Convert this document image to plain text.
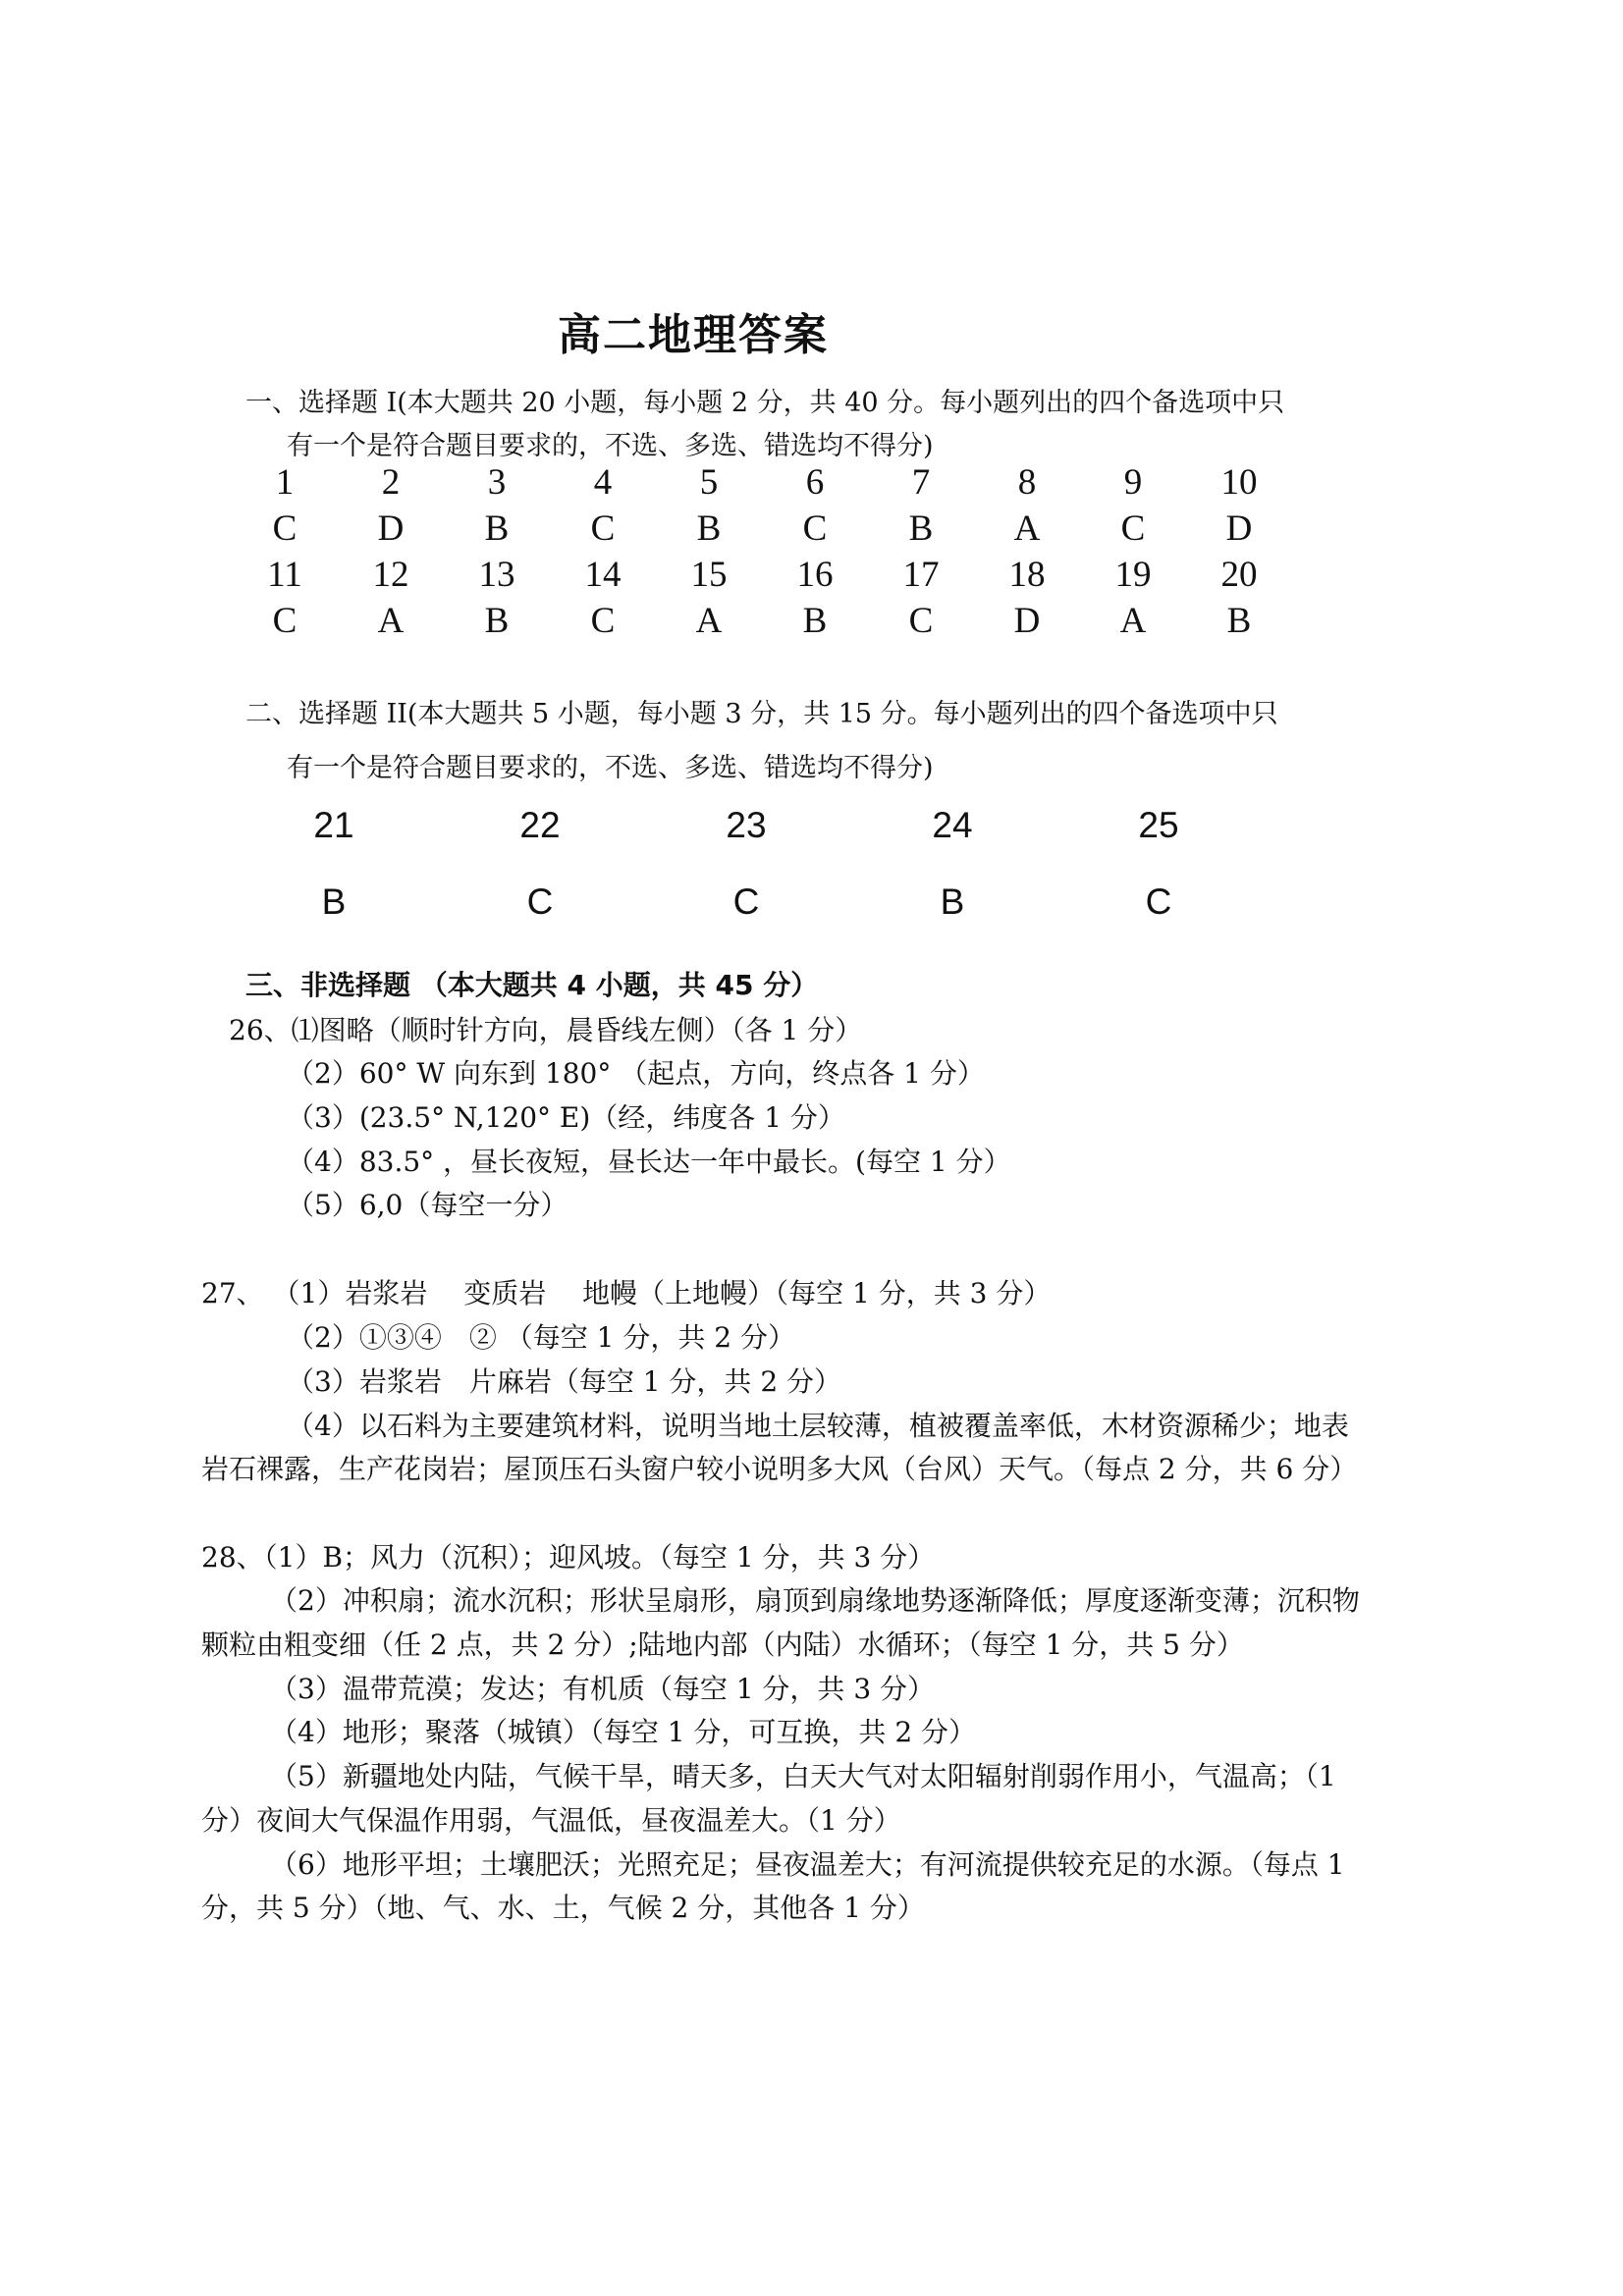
高二地理答案
一、选择题 I(本大题共 20 小题，每小题 2 分，共 40 分。每小题列出的四个备选项中只
有一个是符合题目要求的，不选、多选、错选均不得分)
1	2	3	4	5	6	7	8	9	10
C	D	B	C	B	C	B	A	C	D
11	12	13	14	15	16	17	18	19	20
C	A	B	C	A	B	C	D	A	B
二、选择题 II(本大题共 5 小题，每小题 3 分，共 15 分。每小题列出的四个备选项中只
有一个是符合题目要求的，不选、多选、错选均不得分)
21	22	23	24	25
B	C	C	B	C
三、非选择题 （本大题共 4 小题，共 45 分）
26、⑴图略（顺时针方向，晨昏线左侧）（各 1 分）
（2）60° W 向东到 180° （起点，方向，终点各 1 分）
（3）(23.5° N,120° E)（经，纬度各 1 分）
（4）83.5° ，昼长夜短，昼长达一年中最长。(每空 1 分）
（5）6,0（每空一分）
27、 （1）岩浆岩　 变质岩　 地幔（上地幔）（每空 1 分，共 3 分）
（2）①③④　② （每空 1 分，共 2 分）
（3）岩浆岩　片麻岩（每空 1 分，共 2 分）
（4）以石料为主要建筑材料，说明当地土层较薄，植被覆盖率低，木材资源稀少；地表
岩石裸露，生产花岗岩；屋顶压石头窗户较小说明多大风（台风）天气。（每点 2 分，共 6 分）
28、（1）B；风力（沉积）；迎风坡。（每空 1 分，共 3 分）
（2）冲积扇；流水沉积；形状呈扇形，扇顶到扇缘地势逐渐降低；厚度逐渐变薄；沉积物
颗粒由粗变细（任 2 点，共 2 分）;陆地内部（内陆）水循环；（每空 1 分，共 5 分）
（3）温带荒漠；发达；有机质（每空 1 分，共 3 分）
（4）地形；聚落（城镇）（每空 1 分，可互换，共 2 分）
（5）新疆地处内陆，气候干旱，晴天多，白天大气对太阳辐射削弱作用小，气温高；（1
分）夜间大气保温作用弱，气温低，昼夜温差大。（1 分）
（6）地形平坦；土壤肥沃；光照充足；昼夜温差大；有河流提供较充足的水源。（每点 1
分，共 5 分）（地、气、水、土，气候 2 分，其他各 1 分）
